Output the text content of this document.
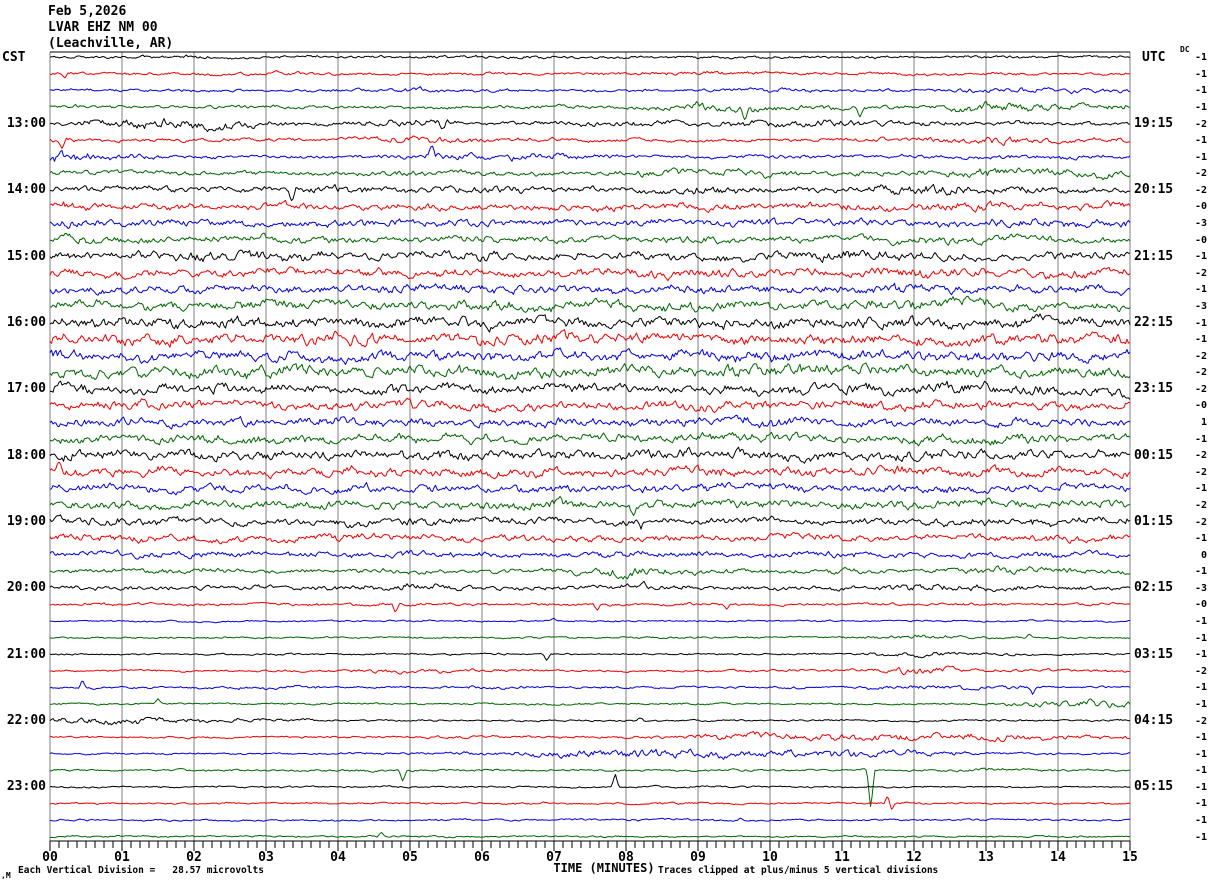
Feb 5,2026
LVAR EHZ NM 00
(Leachville, AR)
CST	UTC
DC
-1
-1
-1
-1
13:00	19:15	-2
-1
-1
-2
14:00	20:15	-2
-0
-3
-0
15:00	21:15	-1
-2
-1
-3
16:00	22:15	-1
-1
-2
-2
17:00	23:15	-2
-0
1
-1
18:00	00:15	-2
-2
-1
-2
19:00	01:15	-2
-1
0
-1
20:00	02:15	-3
-0
-1
-1
21:00	03:15	-1
-2
-1
-1
22:00	04:15	-2
-1
-1
-1
23:00	05:15	-1
-1
-1
-1
00	01	02	03	04	05	06	07	08	09	10	11	12	13	14	15
TIME (MINUTES)
,M Each Vertical Division =   28.57 microvolts	Traces clipped at plus/minus 5 vertical divisions
